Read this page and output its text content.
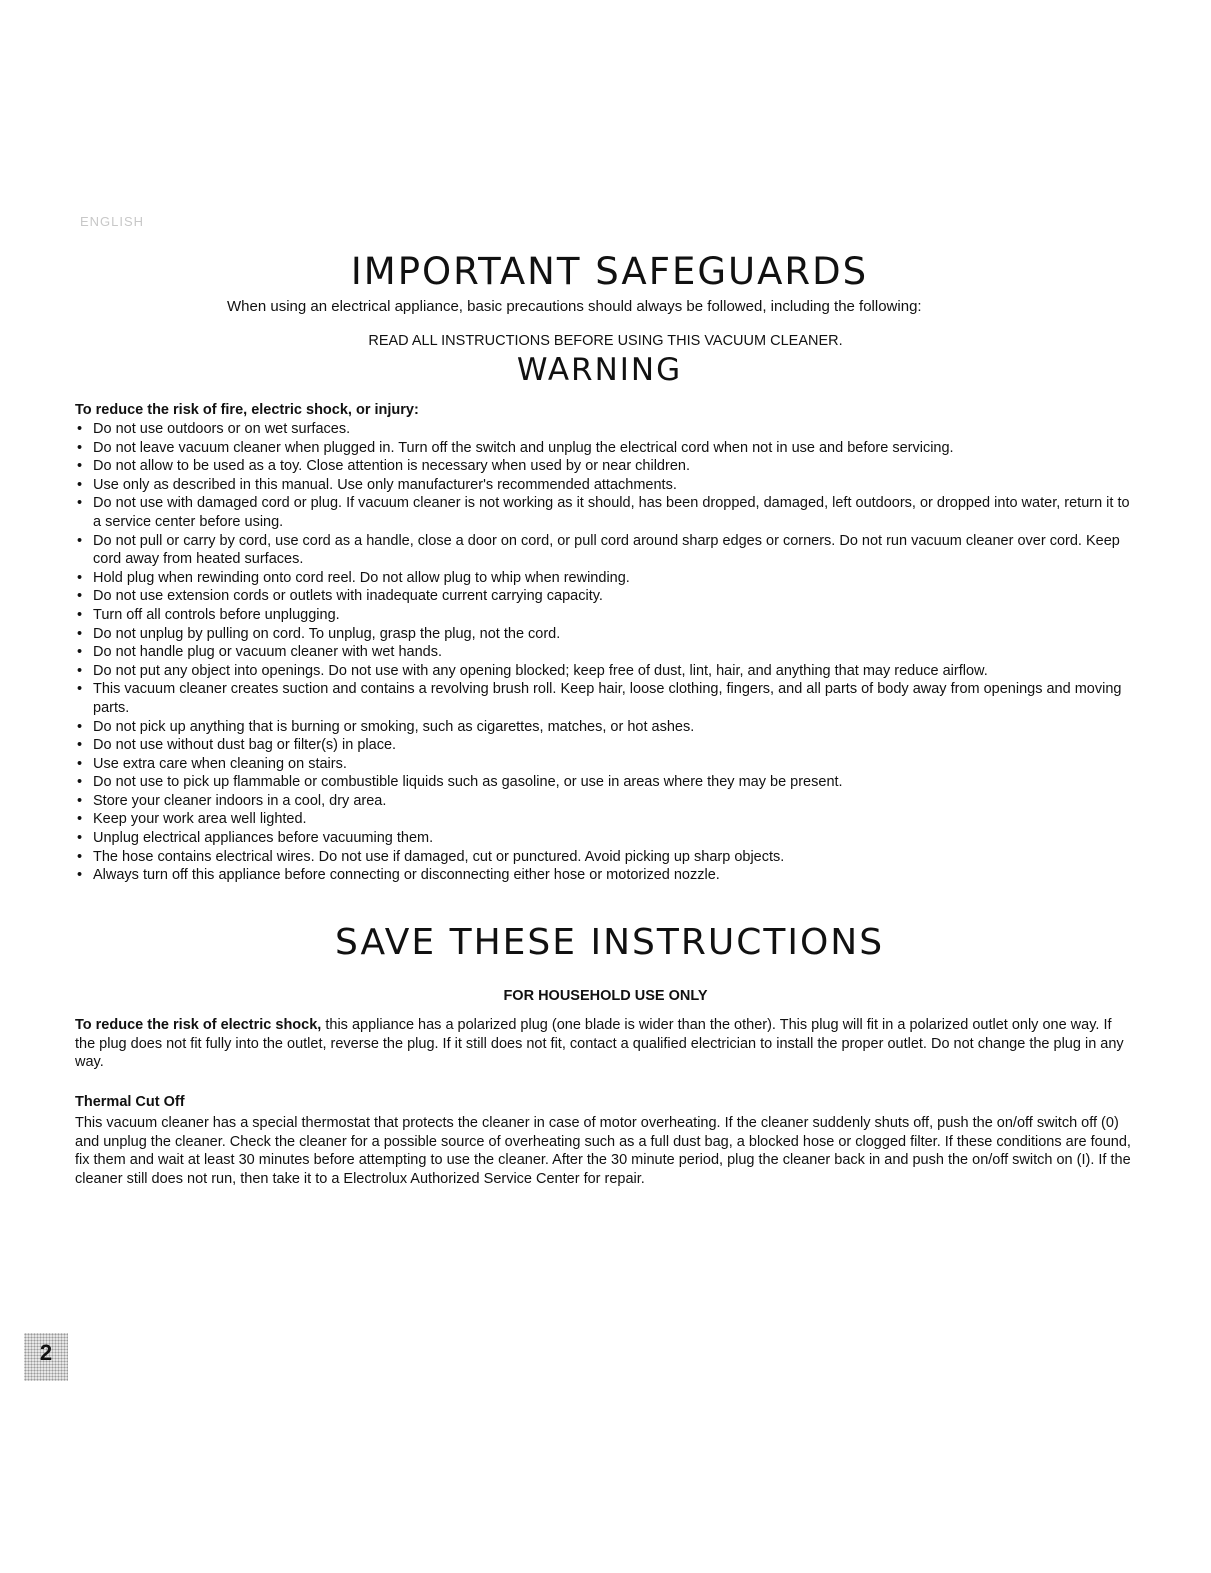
ENGLISH
IMPORTANT SAFEGUARDS
When using an electrical appliance, basic precautions should always be followed, including the following:
READ ALL INSTRUCTIONS BEFORE USING THIS VACUUM CLEANER.
WARNING
To reduce the risk of fire, electric shock, or injury:
• Do not use outdoors or on wet surfaces.
• Do not leave vacuum cleaner when plugged in. Turn off the switch and unplug the electrical cord when not in use and before servicing.
• Do not allow to be used as a toy. Close attention is necessary when used by or near children.
• Use only as described in this manual. Use only manufacturer's recommended attachments.
• Do not use with damaged cord or plug. If vacuum cleaner is not working as it should, has been dropped, damaged, left outdoors, or dropped into water, return it to a service center before using.
• Do not pull or carry by cord, use cord as a handle, close a door on cord, or pull cord around sharp edges or corners. Do not run vacuum cleaner over cord. Keep cord away from heated surfaces.
• Hold plug when rewinding onto cord reel. Do not allow plug to whip when rewinding.
• Do not use extension cords or outlets with inadequate current carrying capacity.
• Turn off all controls before unplugging.
• Do not unplug by pulling on cord. To unplug, grasp the plug, not the cord.
• Do not handle plug or vacuum cleaner with wet hands.
• Do not put any object into openings. Do not use with any opening blocked; keep free of dust, lint, hair, and anything that may reduce airflow.
• This vacuum cleaner creates suction and contains a revolving brush roll. Keep hair, loose clothing, fingers, and all parts of body away from openings and moving parts.
• Do not pick up anything that is burning or smoking, such as cigarettes, matches, or hot ashes.
• Do not use without dust bag or filter(s) in place.
• Use extra care when cleaning on stairs.
• Do not use to pick up flammable or combustible liquids such as gasoline, or use in areas where they may be present.
• Store your cleaner indoors in a cool, dry area.
• Keep your work area well lighted.
• Unplug electrical appliances before vacuuming them.
• The hose contains electrical wires. Do not use if damaged, cut or punctured. Avoid picking up sharp objects.
• Always turn off this appliance before connecting or disconnecting either hose or motorized nozzle.
SAVE THESE INSTRUCTIONS
FOR HOUSEHOLD USE ONLY

To reduce the risk of electric shock, this appliance has a polarized plug (one blade is wider than the other). This plug will fit in a polarized outlet only one way. If the plug does not fit fully into the outlet, reverse the plug. If it still does not fit, contact a qualified electrician to install the proper outlet. Do not change the plug in any way.

Thermal Cut Off

This vacuum cleaner has a special thermostat that protects the cleaner in case of motor overheating. If the cleaner suddenly shuts off, push the on/off switch off (0) and unplug the cleaner. Check the cleaner for a possible source of overheating such as a full dust bag, a blocked hose or clogged filter. If these conditions are found, fix them and wait at least 30 minutes before attempting to use the cleaner. After the 30 minute period, plug the cleaner back in and push the on/off switch on (I). If the cleaner still does not run, then take it to a Electrolux Authorized Service Center for repair.

2
